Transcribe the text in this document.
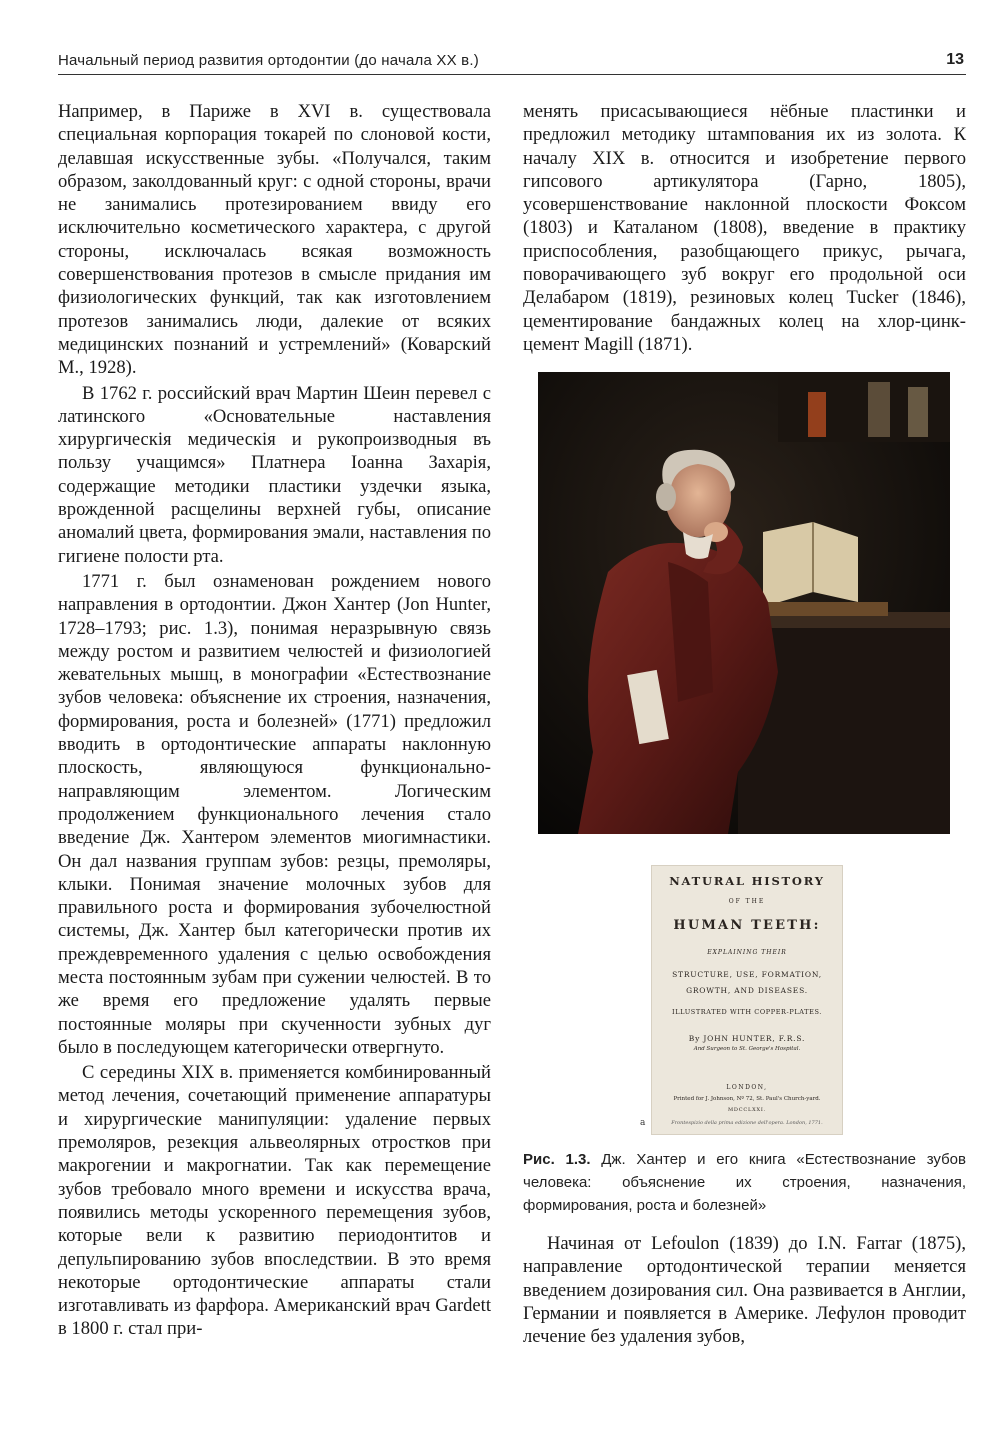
Начальный период развития ортодонтии (до начала XX в.)	13

Например, в Париже в XVI в. существовала специальная корпорация токарей по слоновой кости, делавшая искусственные зубы. «Получался, таким образом, заколдованный круг: с одной стороны, врачи не занимались протезированием ввиду его исключительно косметического характера, с другой стороны, исключалась всякая возможность совершенствования протезов в смысле придания им физиологических функций, так как изготовлением протезов занимались люди, далекие от всяких медицинских познаний и устремлений» (Коварский М., 1928).

В 1762 г. российский врач Мартин Шеин перевел с латинского «Основательные наставления хирургическія медическія и рукопроизводныя въ пользу учащимся» Платнера Іоанна Захарія, содержащие методики пластики уздечки языка, врожденной расщелины верхней губы, описание аномалий цвета, формирования эмали, наставления по гигиене полости рта.

1771 г. был ознаменован рождением нового направления в ортодонтии. Джон Хантер (Jon Hunter, 1728–1793; рис. 1.3), понимая неразрывную связь между ростом и развитием челюстей и физиологией жевательных мышц, в монографии «Естествознание зубов человека: объяснение их строения, назначения, формирования, роста и болезней» (1771) предложил вводить в ортодонтические аппараты наклонную плоскость, являющуюся функционально-направляющим элементом. Логическим продолжением функционального лечения стало введение Дж. Хантером элементов миогимнастики. Он дал названия группам зубов: резцы, премоляры, клыки. Понимая значение молочных зубов для правильного роста и формирования зубочелюстной системы, Дж. Хантер был категорически против их преждевременного удаления с целью освобождения места постоянным зубам при сужении челюстей. В то же время его предложение удалять первые постоянные моляры при скученности зубных дуг было в последующем категорически отвергнуто.

С середины XIX в. применяется комбинированный метод лечения, сочетающий применение аппаратуры и хирургические манипуляции: удаление первых премоляров, резекция альвеолярных отростков при макрогении и макрогнатии. Так как перемещение зубов требовало много времени и искусства врача, появились методы ускоренного перемещения зубов, которые вели к развитию периодонтитов и депульпированию зубов впоследствии. В это время некоторые ортодонтические аппараты стали изготавливать из фарфора. Американский врач Gardett в 1800 г. стал при-

менять присасывающиеся нёбные пластинки и предложил методику штампования их из золота. К началу XIX в. относится и изобретение первого гипсового артикулятора (Гарно, 1805), усовершенствование наклонной плоскости Фоксом (1803) и Каталаном (1808), введение в практику приспособления, разобщающего прикус, рычага, поворачивающего зуб вокруг его продольной оси Делабаром (1819), резиновых колец Tucker (1846), цементирование бандажных колец на хлор-цинк-цемент Magill (1871).

NATURAL HISTORY
OF THE
HUMAN TEETH:
EXPLAINING THEIR
STRUCTURE, USE, FORMATION,
GROWTH, AND DISEASES.
ILLUSTRATED WITH COPPER-PLATES.
By JOHN HUNTER, F.R.S.
And Surgeon to St. George's Hospital.
LONDON,
Printed for J. Johnson, Nº 72, St. Paul's Church-yard.
MDCCLXXI.
Frontespizio della prima edizione dell'opera. London, 1771.
a
Рис. 1.3. Дж. Хантер и его книга «Естествознание зубов человека: объяснение их строения, назначения, формирования, роста и болезней»

Начиная от Lefoulon (1839) до I.N. Farrar (1875), направление ортодонтической терапии меняется введением дозирования сил. Она развивается в Англии, Германии и появляется в Америке. Лефулон проводит лечение без удаления зубов,
